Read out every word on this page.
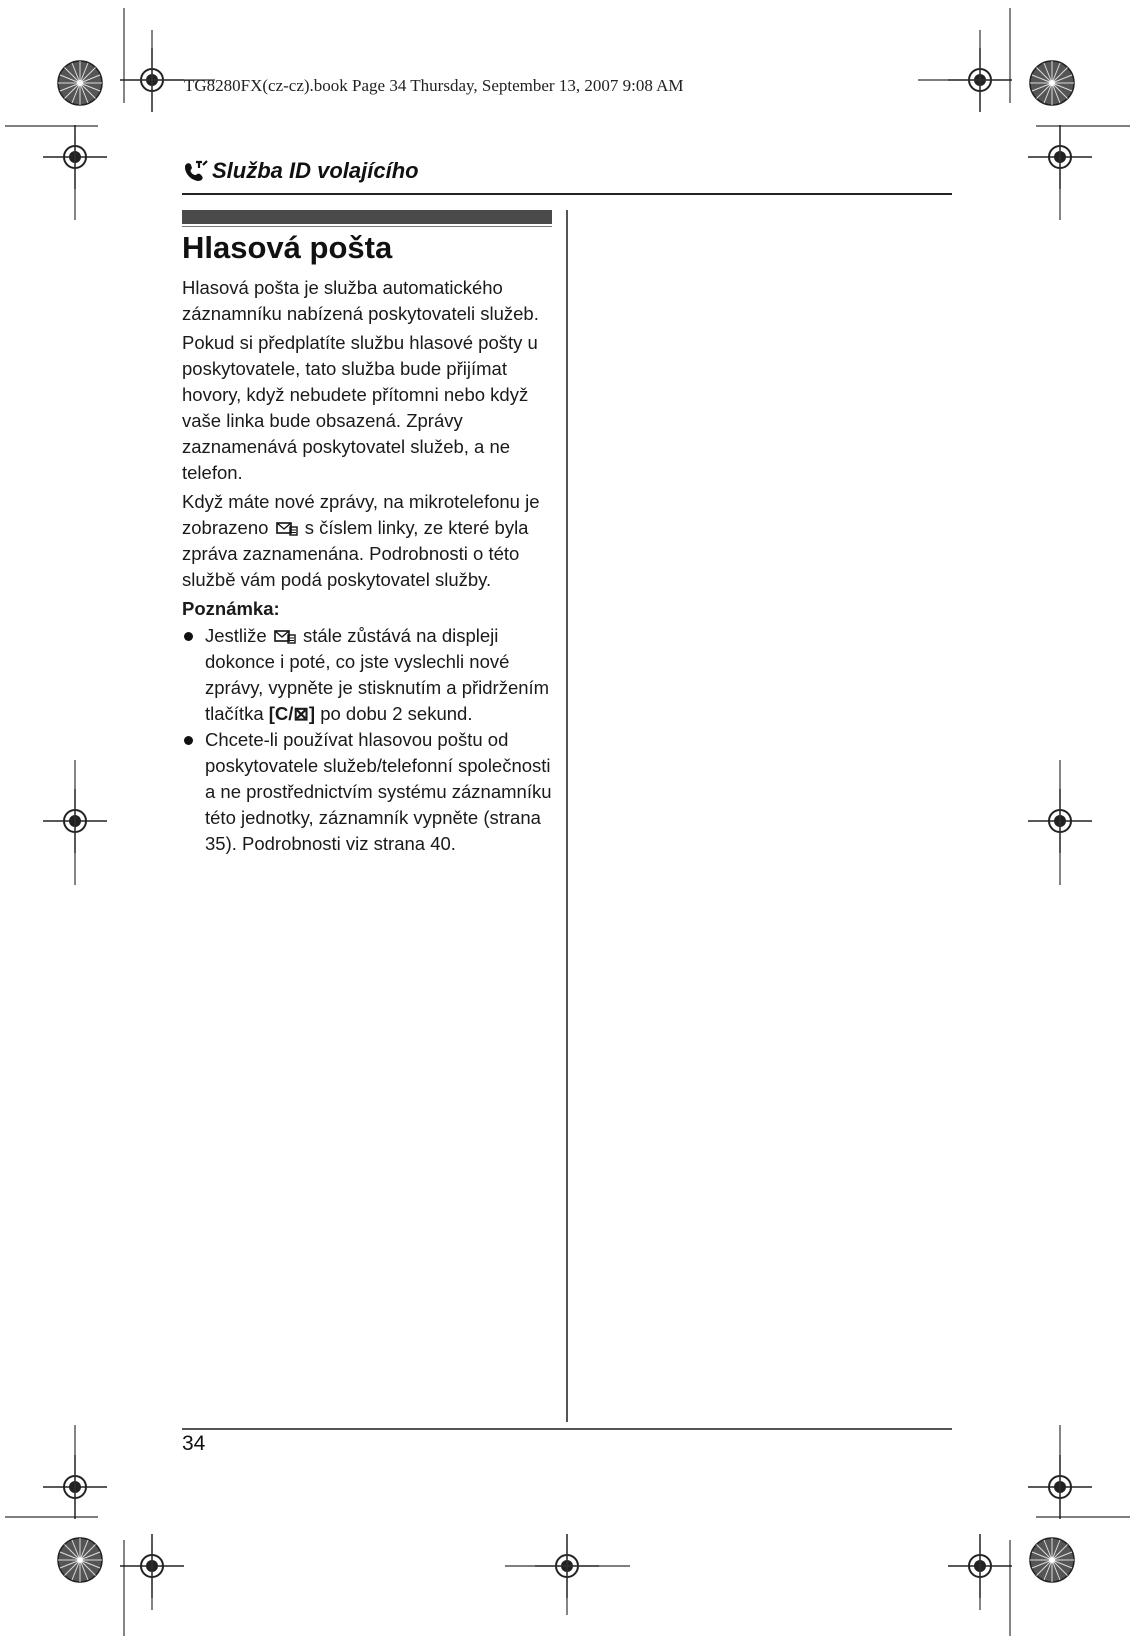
TG8280FX(cz-cz).book Page 34 Thursday, September 13, 2007 9:08 AM
Služba ID volajícího
Hlasová pošta

Hlasová pošta je služba automatického záznamníku nabízená poskytovateli služeb.

Pokud si předplatíte službu hlasové pošty u poskytovatele, tato služba bude přijímat hovory, když nebudete přítomni nebo když vaše linka bude obsazená. Zprávy zaznamenává poskytovatel služeb, a ne telefon.

Když máte nové zprávy, na mikrotelefonu je zobrazeno s číslem linky, ze které byla zpráva zaznamenána. Podrobnosti o této službě vám podá poskytovatel služby.

Poznámka:
Jestliže stále zůstává na displeji dokonce i poté, co jste vyslechli nové zprávy, vypněte je stisknutím a přidržením tlačítka [C/⊠] po dobu 2 sekund.
Chcete-li používat hlasovou poštu od poskytovatele služeb/telefonní společnosti a ne prostřednictvím systému záznamníku této jednotky, záznamník vypněte (strana 35). Podrobnosti viz strana 40.
34
